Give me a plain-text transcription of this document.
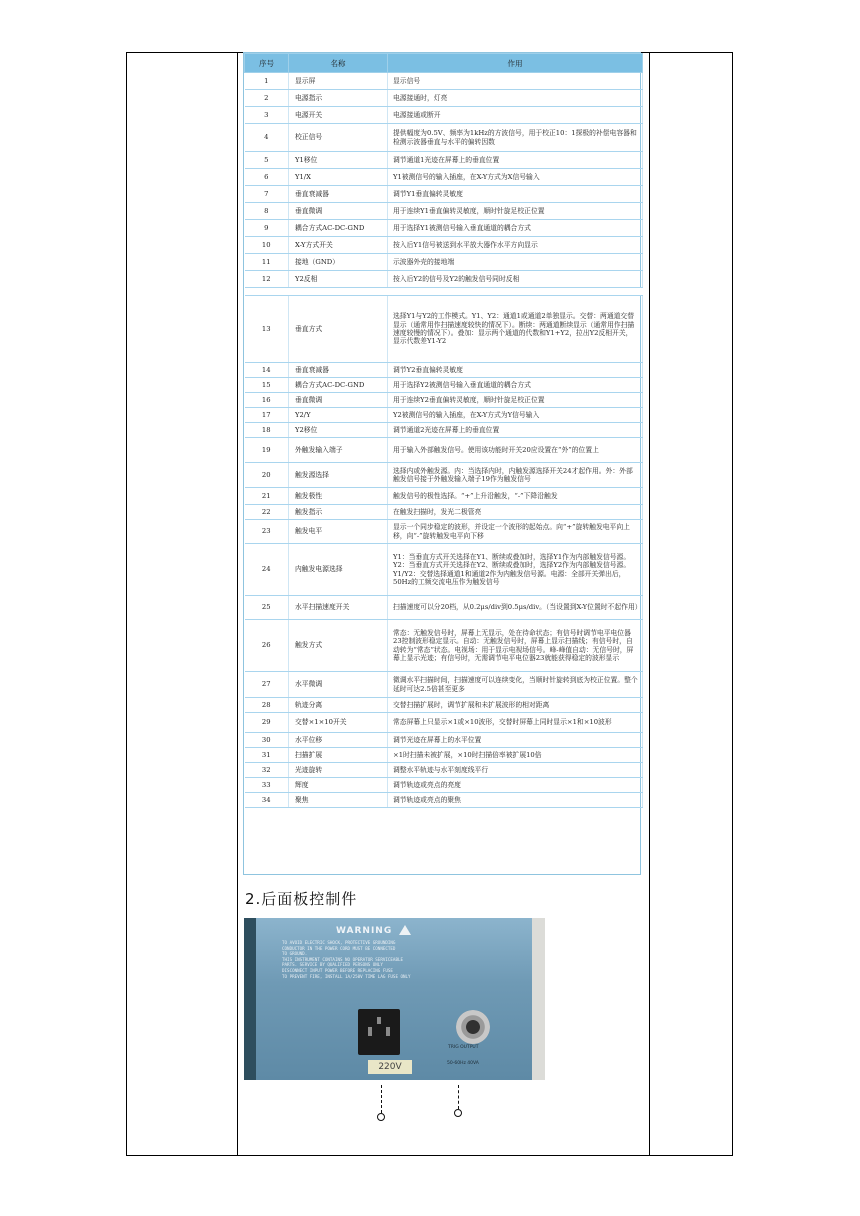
序号	名称	作用
1	显示屏	显示信号
2	电源指示	电源接通时，灯亮
3	电源开关	电源接通或断开
4	校正信号	提供幅度为0.5V、频率为1kHz的方波信号，用于校正10：1探极的补偿电容器和检测示波器垂直与水平的偏转因数
5	Y1移位	调节通道1光迹在屏幕上的垂直位置
6	Y1/X	Y1被测信号的输入插座，在X-Y方式为X信号输入
7	垂直衰减器	调节Y1垂直偏转灵敏度
8	垂直微调	用于连续Y1垂直偏转灵敏度，顺时针旋足校正位置
9	耦合方式AC-DC-GND	用于选择Y1被测信号输入垂直通道的耦合方式
10	X-Y方式开关	按入后Y1信号被送到水平放大器作水平方向显示
11	接地（GND）	示波器外壳的接地端
12	Y2反相	按入后Y2的信号及Y2的触发信号同时反相

13	垂直方式	选择Y1与Y2的工作模式。Y1、Y2：通道1或通道2单独显示。交替：两通道交替显示（通常用作扫描速度较快的情况下）。断续：两通道断续显示（通常用作扫描速度较慢的情况下）。叠加：显示两个通道的代数和Y1+Y2，拉出Y2反相开关，显示代数差Y1-Y2
14	垂直衰减器	调节Y2垂直偏转灵敏度
15	耦合方式AC-DC-GND	用于选择Y2被测信号输入垂直通道的耦合方式
16	垂直微调	用于连续Y2垂直偏转灵敏度，顺时针旋足校正位置
17	Y2/Y	Y2被测信号的输入插座，在X-Y方式为Y信号输入
18	Y2移位	调节通道2光迹在屏幕上的垂直位置
19	外触发输入端子	用于输入外部触发信号。使用该功能时开关20应设置在“外”的位置上
20	触发源选择	选择内或外触发源。内：当选择内时，内触发源选择开关24才起作用。外：外部触发信号接于外触发输入端子19作为触发信号
21	触发极性	触发信号的极性选择。“+”上升沿触发，“-”下降沿触发
22	触发指示	在触发扫描时，发光二极管亮
23	触发电平	显示一个同步稳定的波形，并设定一个波形的起始点。向“+”旋转触发电平向上移，向“-”旋转触发电平向下移
24	内触发电源选择	Y1：当垂直方式开关选择在Y1、断续或叠加时，选择Y1作为内部触发信号源。Y2：当垂直方式开关选择在Y2、断续或叠加时，选择Y2作为内部触发信号源。Y1/Y2：交替选择通道1和通道2作为内触发信号源。电源：全部开关弹出后，50Hz的工频交流电压作为触发信号
25	水平扫描速度开关	扫描速度可以分20档，从0.2μs/div到0.5μs/div。（当设置到X-Y位置时不起作用）
26	触发方式	常态：无触发信号时，屏幕上无显示，处在待命状态；有信号时调节电平电位器23控制波形稳定显示。自动：无触发信号时，屏幕上显示扫描线；有信号时，自动转为“常态”状态。电视场：用于显示电视场信号。峰-峰值自动：无信号时，屏幕上显示光迹；有信号时，无需调节电平电位器23就能获得稳定的波形显示
27	水平微调	微调水平扫描时间，扫描速度可以连续变化，当顺时针旋转到底为校正位置。整个延时可达2.5倍甚至更多
28	轨迹分离	交替扫描扩展时，调节扩展和未扩展波形的相对距离
29	交替×1×10开关	常态屏幕上只显示×1或×10波形，交替时屏幕上同时显示×1和×10波形
30	水平位移	调节光迹在屏幕上的水平位置
31	扫描扩展	×1时扫描未被扩展，×10时扫描倍率被扩展10倍
32	光迹旋转	调整水平轨迹与水平刻度线平行
33	辉度	调节轨迹或亮点的亮度
34	聚焦	调节轨迹或亮点的聚焦
2.后面板控制件
WARNING
TO AVOID ELECTRIC SHOCK, PROTECTIVE GROUNDING
CONDUCTOR IN THE POWER CORD MUST BE CONNECTED
TO GROUND.
THIS INSTRUMENT CONTAINS NO OPERATOR SERVICEABLE
PARTS. SERVICE BY QUALIFIED PERSONS ONLY
DISCONNECT INPUT POWER BEFORE REPLACING FUSE
TO PREVENT FIRE, INSTALL 1A/250V TIME LAG FUSE ONLY
220V
TRIG OUTPUT
50-60Hz 40VA
